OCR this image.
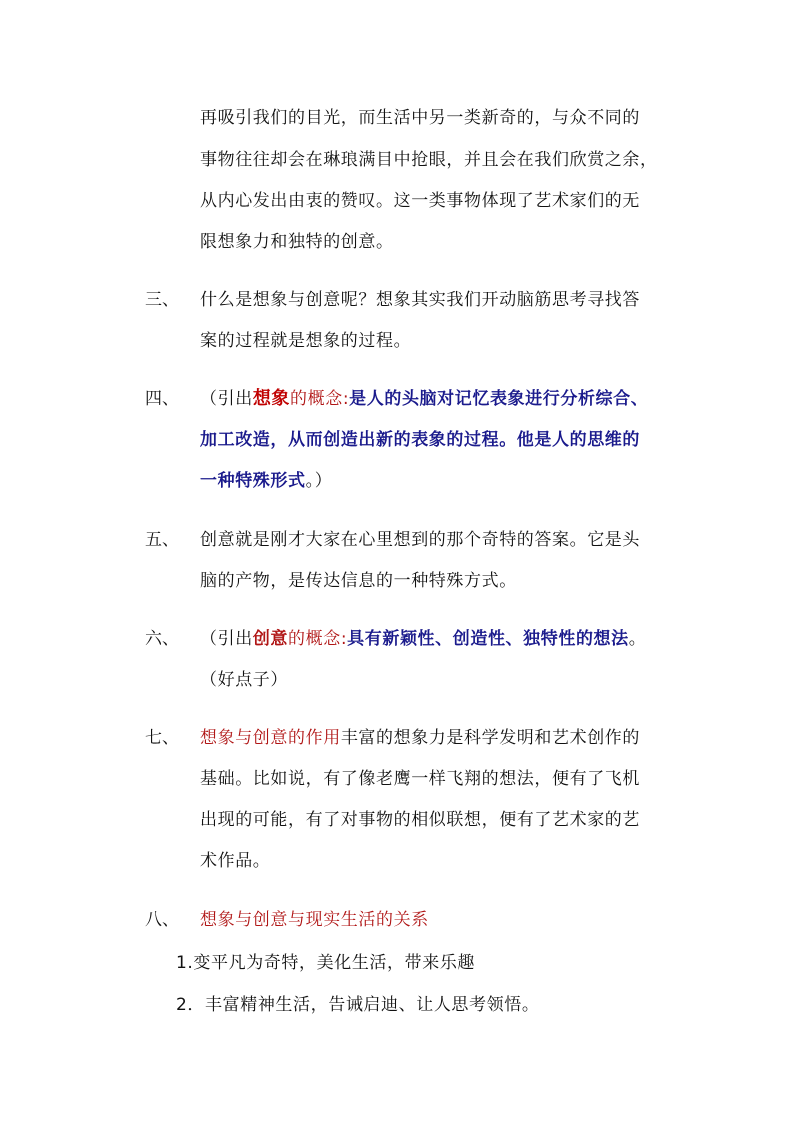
再吸引我们的目光，而生活中另一类新奇的，与众不同的
事物往往却会在琳琅满目中抢眼，并且会在我们欣赏之余，
从内心发出由衷的赞叹。这一类事物体现了艺术家们的无
限想象力和独特的创意。
三、 什么是想象与创意呢？想象其实我们开动脑筋思考寻找答
案的过程就是想象的过程。
四、 （引出想象的概念:是人的头脑对记忆表象进行分析综合、
加工改造，从而创造出新的表象的过程。他是人的思维的
一种特殊形式。）
五、 创意就是刚才大家在心里想到的那个奇特的答案。它是头
脑的产物，是传达信息的一种特殊方式。
六、 （引出创意的概念:具有新颖性、创造性、独特性的想法。
（好点子）
七、 想象与创意的作用丰富的想象力是科学发明和艺术创作的
基础。比如说，有了像老鹰一样飞翔的想法，便有了飞机
出现的可能，有了对事物的相似联想，便有了艺术家的艺
术作品。
八、 想象与创意与现实生活的关系
1.变平凡为奇特，美化生活，带来乐趣
2．丰富精神生活，告诫启迪、让人思考领悟。
